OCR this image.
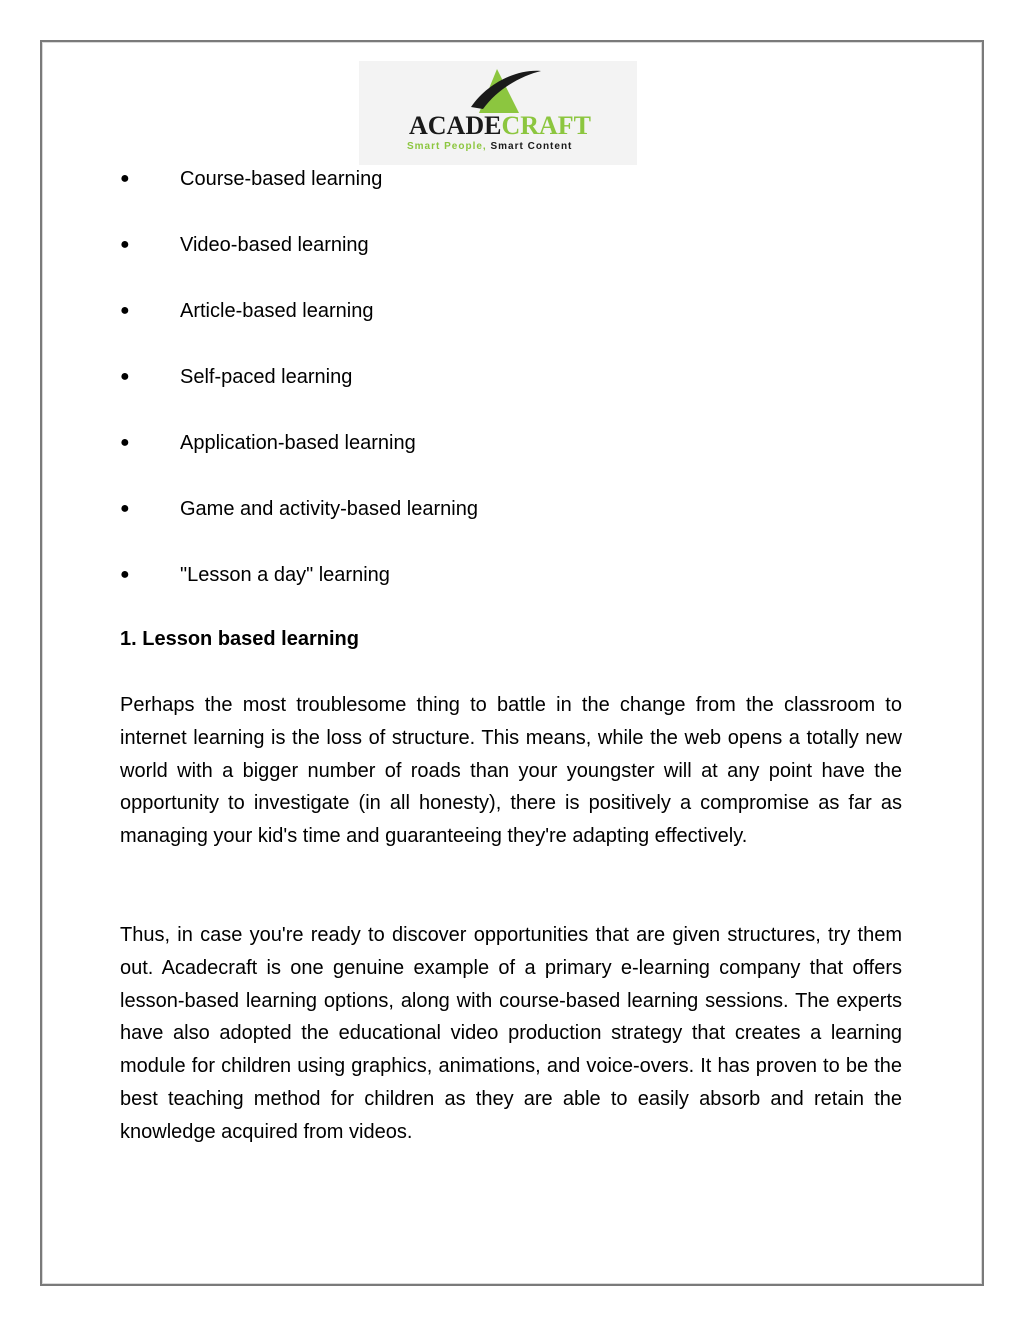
ACADECRAFT
Smart People, Smart Content
●	Course-based learning
●	Video-based learning
●	Article-based learning
●	Self-paced learning
●	Application-based learning
●	Game and activity-based learning
●	"Lesson a day" learning
1. Lesson based learning

Perhaps the most troublesome thing to battle in the change from the classroom to internet learning is the loss of structure. This means, while the web opens a totally new world with a bigger number of roads than your youngster will at any point have the opportunity to investigate (in all honesty), there is positively a compromise as far as managing your kid's time and guaranteeing they're adapting effectively.

Thus, in case you're ready to discover opportunities that are given structures, try them out. Acadecraft is one genuine example of a primary e-learning company that offers lesson-based learning options, along with course-based learning sessions. The experts have also adopted the educational video production strategy that creates a learning module for children using graphics, animations, and voice-overs. It has proven to be the best teaching method for children as they are able to easily absorb and retain the knowledge acquired from videos.
